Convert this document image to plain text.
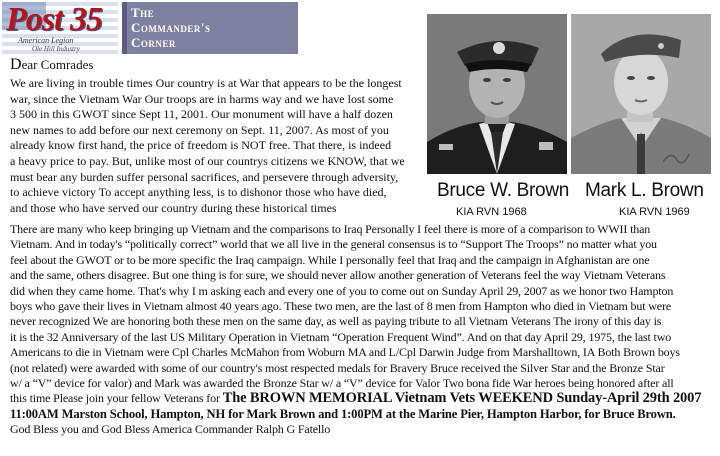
Post 35
American Legion
Ole Hill Industry
The
Commander's
Corner
Bruce W. Brown Mark L. Brown
KIA RVN 1968	KIA RVN 1969
Dear Comrades
We are living in trouble times Our country is at War that appears to be the longest
war, since the Vietnam War Our troops are in harms way and we have lost some
3 500 in this GWOT since Sept 11, 2001. Our monument will have a half dozen
new names to add before our next ceremony on Sept. 11, 2007. As most of you
already know first hand, the price of freedom is NOT free. That there, is indeed
a heavy price to pay. But, unlike most of our countrys citizens we KNOW, that we
must bear any burden suffer personal sacrifices, and persevere through adversity,
to achieve victory To accept anything less, is to dishonor those who have died,
and those who have served our country during these historical times
There are many who keep bringing up Vietnam and the comparisons to Iraq Personally I feel there is more of a comparison to WWII than
Vietnam. And in today's “politically correct” world that we all live in the general consensus is to “Support The Troops” no matter what you
feel about the GWOT or to be more specific the Iraq campaign. While I personally feel that Iraq and the campaign in Afghanistan are one
and the same, others disagree. But one thing is for sure, we should never allow another generation of Veterans feel the way Vietnam Veterans
did when they came home. That's why I m asking each and every one of you to come out on Sunday April 29, 2007 as we honor two Hampton
boys who gave their lives in Vietnam almost 40 years ago. These two men, are the last of 8 men from Hampton who died in Vietnam but were
never recognized We are honoring both these men on the same day, as well as paying tribute to all Vietnam Veterans The irony of this day is
it is the 32 Anniversary of the last US Military Operation in Vietnam “Operation Frequent Wind”. And on that day April 29, 1975, the last two
Americans to die in Vietnam were Cpl Charles McMahon from Woburn MA and L/Cpl Darwin Judge from Marshalltown, IA Both Brown boys
(not related) were awarded with some of our country's most respected medals for Bravery Bruce received the Silver Star and the Bronze Star
w/ a “V” device for valor) and Mark was awarded the Bronze Star w/ a “V” device for Valor Two bona fide War heroes being honored after all
this time Please join your fellow Veterans for The BROWN MEMORIAL Vietnam Vets WEEKEND Sunday-April 29th 2007
11:00AM Marston School, Hampton, NH for Mark Brown and 1:00PM at the Marine Pier, Hampton Harbor, for Bruce Brown.
God Bless you and God Bless America Commander Ralph G Fatello
